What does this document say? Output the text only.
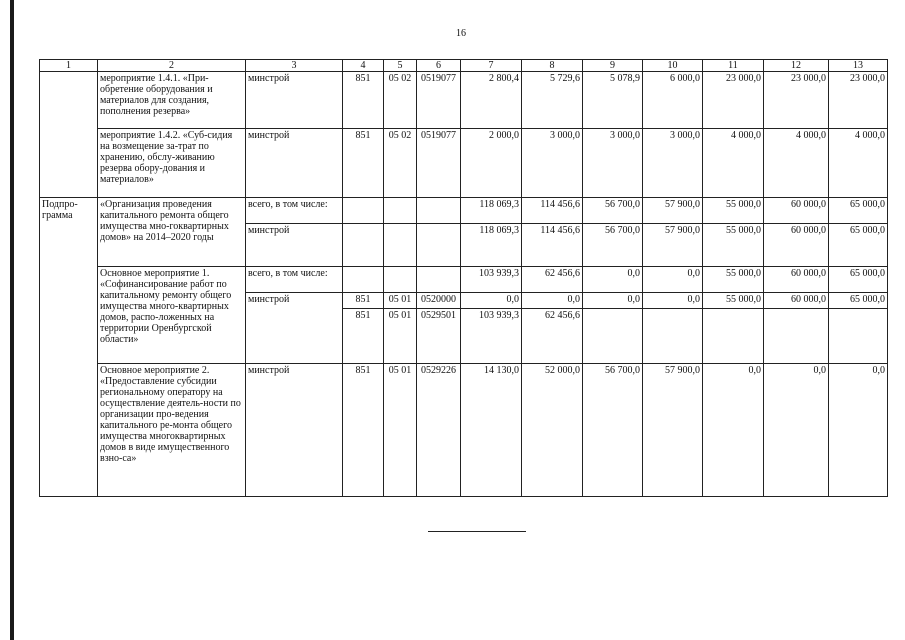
16
1	2	3	4	5	6	7	8	9	10	11	12	13
	мероприятие 1.4.1. «При-обретение оборудования и материалов для создания, пополнения резерва»	минстрой	851	05 02	0519077	2 800,4	5 729,6	5 078,9	6 000,0	23 000,0	23 000,0	23 000,0
	мероприятие 1.4.2. «Суб-сидия на возмещение за-трат по хранению, обслу-живанию резерва обору-дования и материалов»	минстрой	851	05 02	0519077	2 000,0	3 000,0	3 000,0	3 000,0	4 000,0	4 000,0	4 000,0
Подпро-грамма	«Организация проведения капитального ремонта общего имущества мно-гоквартирных домов» на 2014–2020 годы	всего, в том числе:				118 069,3	114 456,6	56 700,0	57 900,0	55 000,0	60 000,0	65 000,0
		минстрой				118 069,3	114 456,6	56 700,0	57 900,0	55 000,0	60 000,0	65 000,0
	Основное мероприятие 1. «Софинансирование работ по капитальному ремонту общего имущества много-квартирных домов, распо-ложенных на территории Оренбургской области»	всего, в том числе:				103 939,3	62 456,6	0,0	0,0	55 000,0	60 000,0	65 000,0
		минстрой	851	05 01	0520000	0,0	0,0	0,0	0,0	55 000,0	60 000,0	65 000,0
			851	05 01	0529501	103 939,3	62 456,6					
	Основное мероприятие 2. «Предоставление субсидии региональному оператору на осуществление деятель-ности по организации про-ведения капитального ре-монта общего имущества многоквартирных домов в виде имущественного взно-са»	минстрой	851	05 01	0529226	14 130,0	52 000,0	56 700,0	57 900,0	0,0	0,0	0,0
